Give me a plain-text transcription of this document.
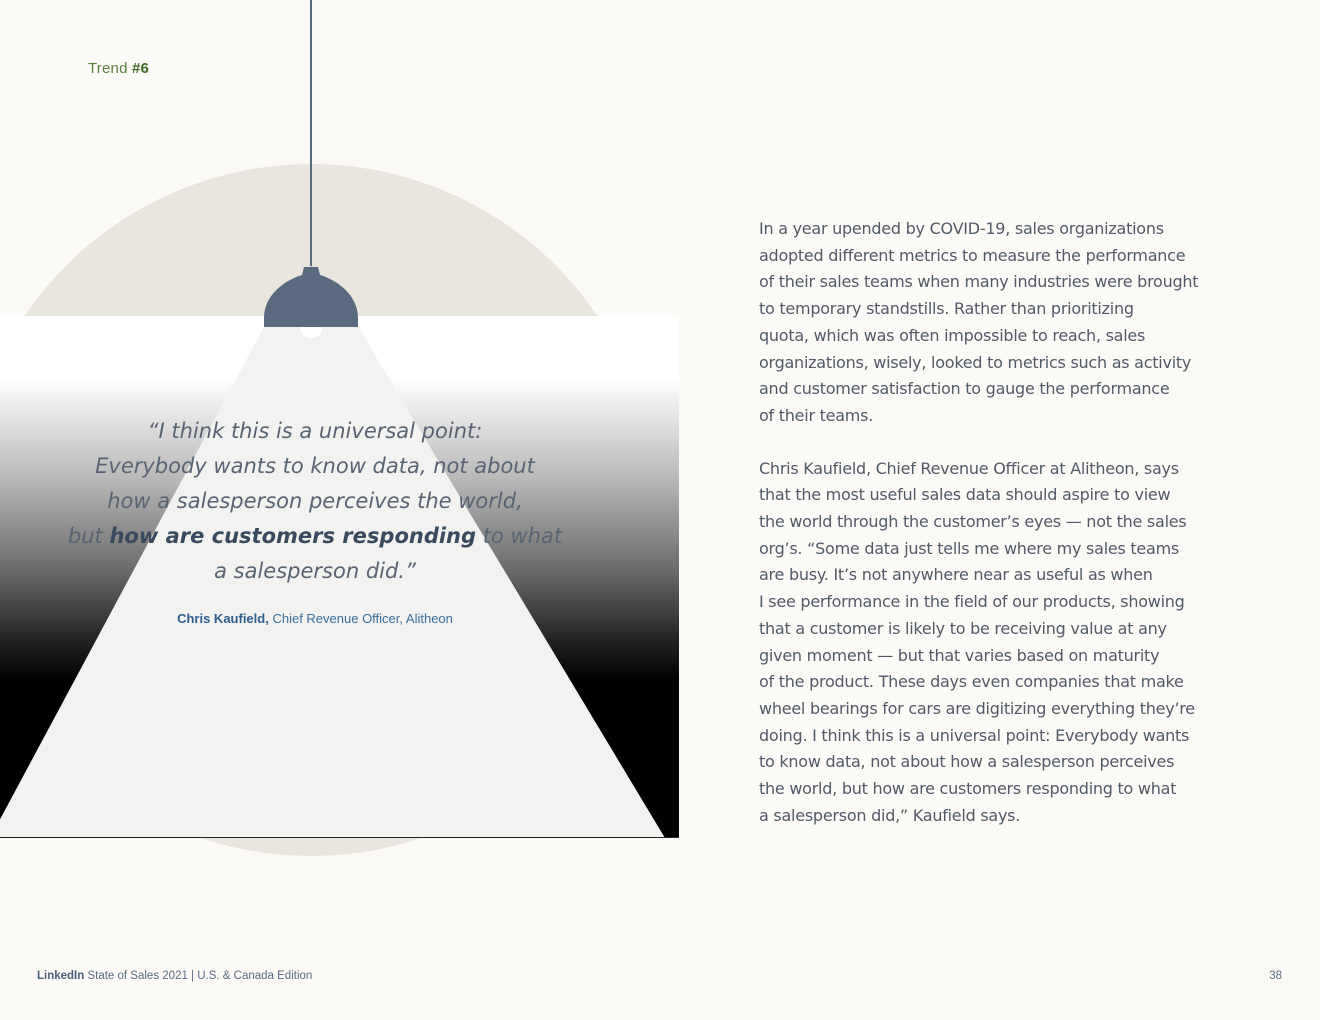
Trend #6

“I think this is a universal point:
Everybody wants to know data, not about
how a salesperson perceives the world,
but how are customers responding to what
a salesperson did.”

Chris Kaufield, Chief Revenue Officer, Alitheon

In a year upended by COVID-19, sales organizations
adopted different metrics to measure the performance
of their sales teams when many industries were brought
to temporary standstills. Rather than prioritizing
quota, which was often impossible to reach, sales
organizations, wisely, looked to metrics such as activity
and customer satisfaction to gauge the performance
of their teams.

Chris Kaufield, Chief Revenue Officer at Alitheon, says
that the most useful sales data should aspire to view
the world through the customer’s eyes — not the sales
org’s. “Some data just tells me where my sales teams
are busy. It’s not anywhere near as useful as when
I see performance in the field of our products, showing
that a customer is likely to be receiving value at any
given moment — but that varies based on maturity
of the product. These days even companies that make
wheel bearings for cars are digitizing everything they’re
doing. I think this is a universal point: Everybody wants
to know data, not about how a salesperson perceives
the world, but how are customers responding to what
a salesperson did,” Kaufield says.

LinkedIn State of Sales 2021 | U.S. & Canada Edition	38
